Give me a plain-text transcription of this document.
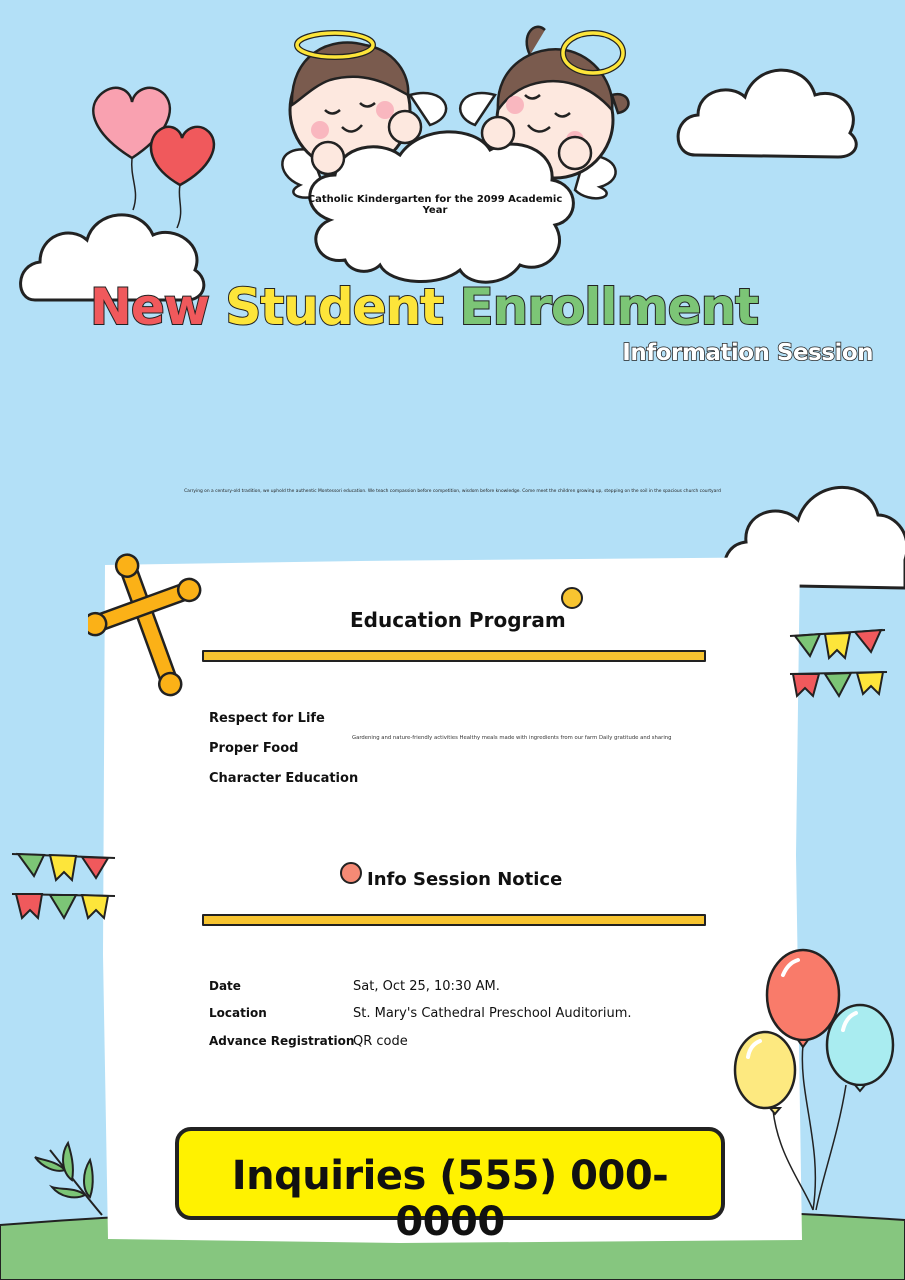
Catholic Kindergarten for the 2099 Academic Year
New Student Enrollment
Information Session
Carrying on a century-old tradition, we uphold the authentic Montessori education. We teach compassion before competition, wisdom before knowledge. Come meet the children growing up, stepping on the soil in the spacious church courtyard
Education Program
Respect for Life
Proper Food
Character Education
Gardening and nature-friendly activities Healthy meals made with ingredients from our farm Daily gratitude and sharing
Info Session Notice
Date	Sat, Oct 25, 10:30 AM.
Location	St. Mary's Cathedral Preschool Auditorium.
Advance Registration
QR code
Inquiries (555) 000-0000
